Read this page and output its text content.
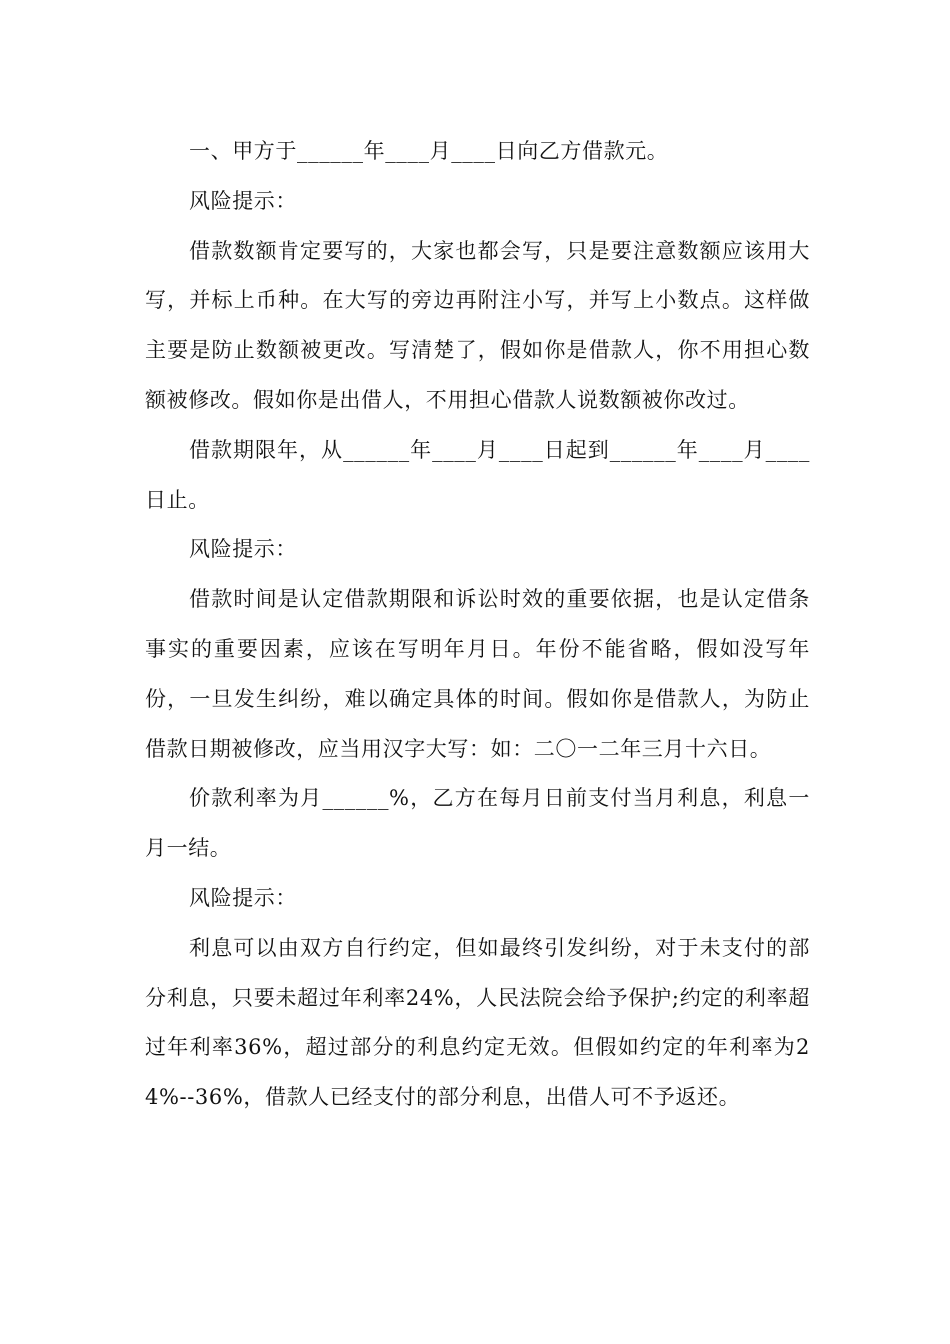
一、甲方于______年____月____日向乙方借款元。

风险提示：

借款数额肯定要写的，大家也都会写，只是要注意数额应该用大写，并标上币种。在大写的旁边再附注小写，并写上小数点。这样做主要是防止数额被更改。写清楚了，假如你是借款人，你不用担心数额被修改。假如你是出借人，不用担心借款人说数额被你改过。

借款期限年，从______年____月____日起到______年____月____日止。

风险提示：

借款时间是认定借款期限和诉讼时效的重要依据，也是认定借条事实的重要因素，应该在写明年月日。年份不能省略，假如没写年份，一旦发生纠纷，难以确定具体的时间。假如你是借款人，为防止借款日期被修改，应当用汉字大写：如：二〇一二年三月十六日。

价款利率为月______%，乙方在每月日前支付当月利息，利息一月一结。

风险提示：

利息可以由双方自行约定，但如最终引发纠纷，对于未支付的部分利息，只要未超过年利率24%，人民法院会给予保护;约定的利率超过年利率36%，超过部分的利息约定无效。但假如约定的年利率为24%--36%，借款人已经支付的部分利息，出借人可不予返还。
